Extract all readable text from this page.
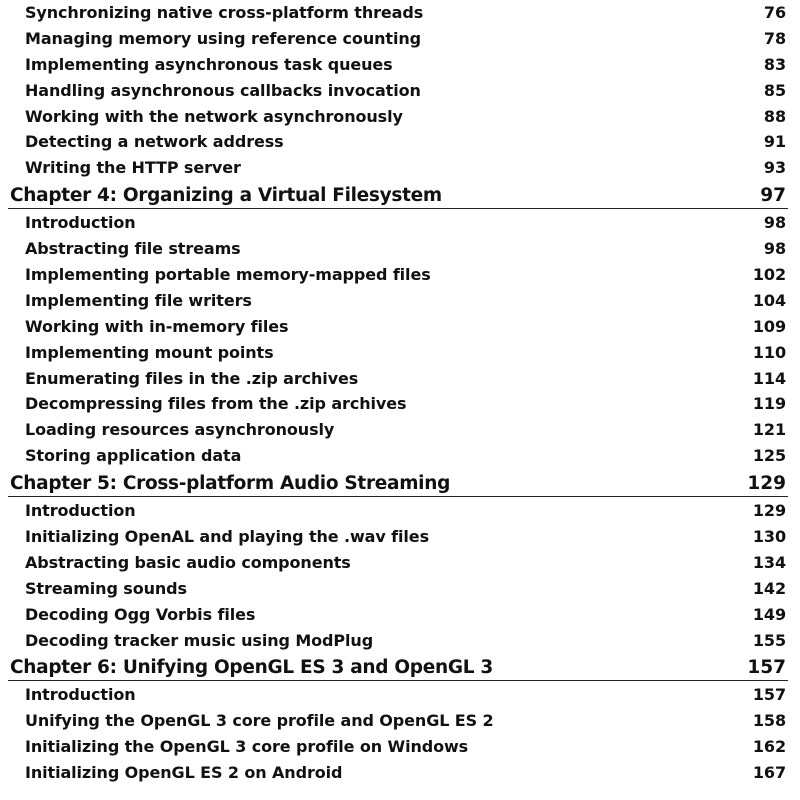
Synchronizing native cross-platform threads	76
Managing memory using reference counting	78
Implementing asynchronous task queues	83
Handling asynchronous callbacks invocation	85
Working with the network asynchronously	88
Detecting a network address	91
Writing the HTTP server	93
Chapter 4: Organizing a Virtual Filesystem	97
Introduction	98
Abstracting file streams	98
Implementing portable memory-mapped files	102
Implementing file writers	104
Working with in-memory files	109
Implementing mount points	110
Enumerating files in the .zip archives	114
Decompressing files from the .zip archives	119
Loading resources asynchronously	121
Storing application data	125
Chapter 5: Cross-platform Audio Streaming	129
Introduction	129
Initializing OpenAL and playing the .wav files	130
Abstracting basic audio components	134
Streaming sounds	142
Decoding Ogg Vorbis files	149
Decoding tracker music using ModPlug	155
Chapter 6: Unifying OpenGL ES 3 and OpenGL 3	157
Introduction	157
Unifying the OpenGL 3 core profile and OpenGL ES 2	158
Initializing the OpenGL 3 core profile on Windows	162
Initializing OpenGL ES 2 on Android	167
